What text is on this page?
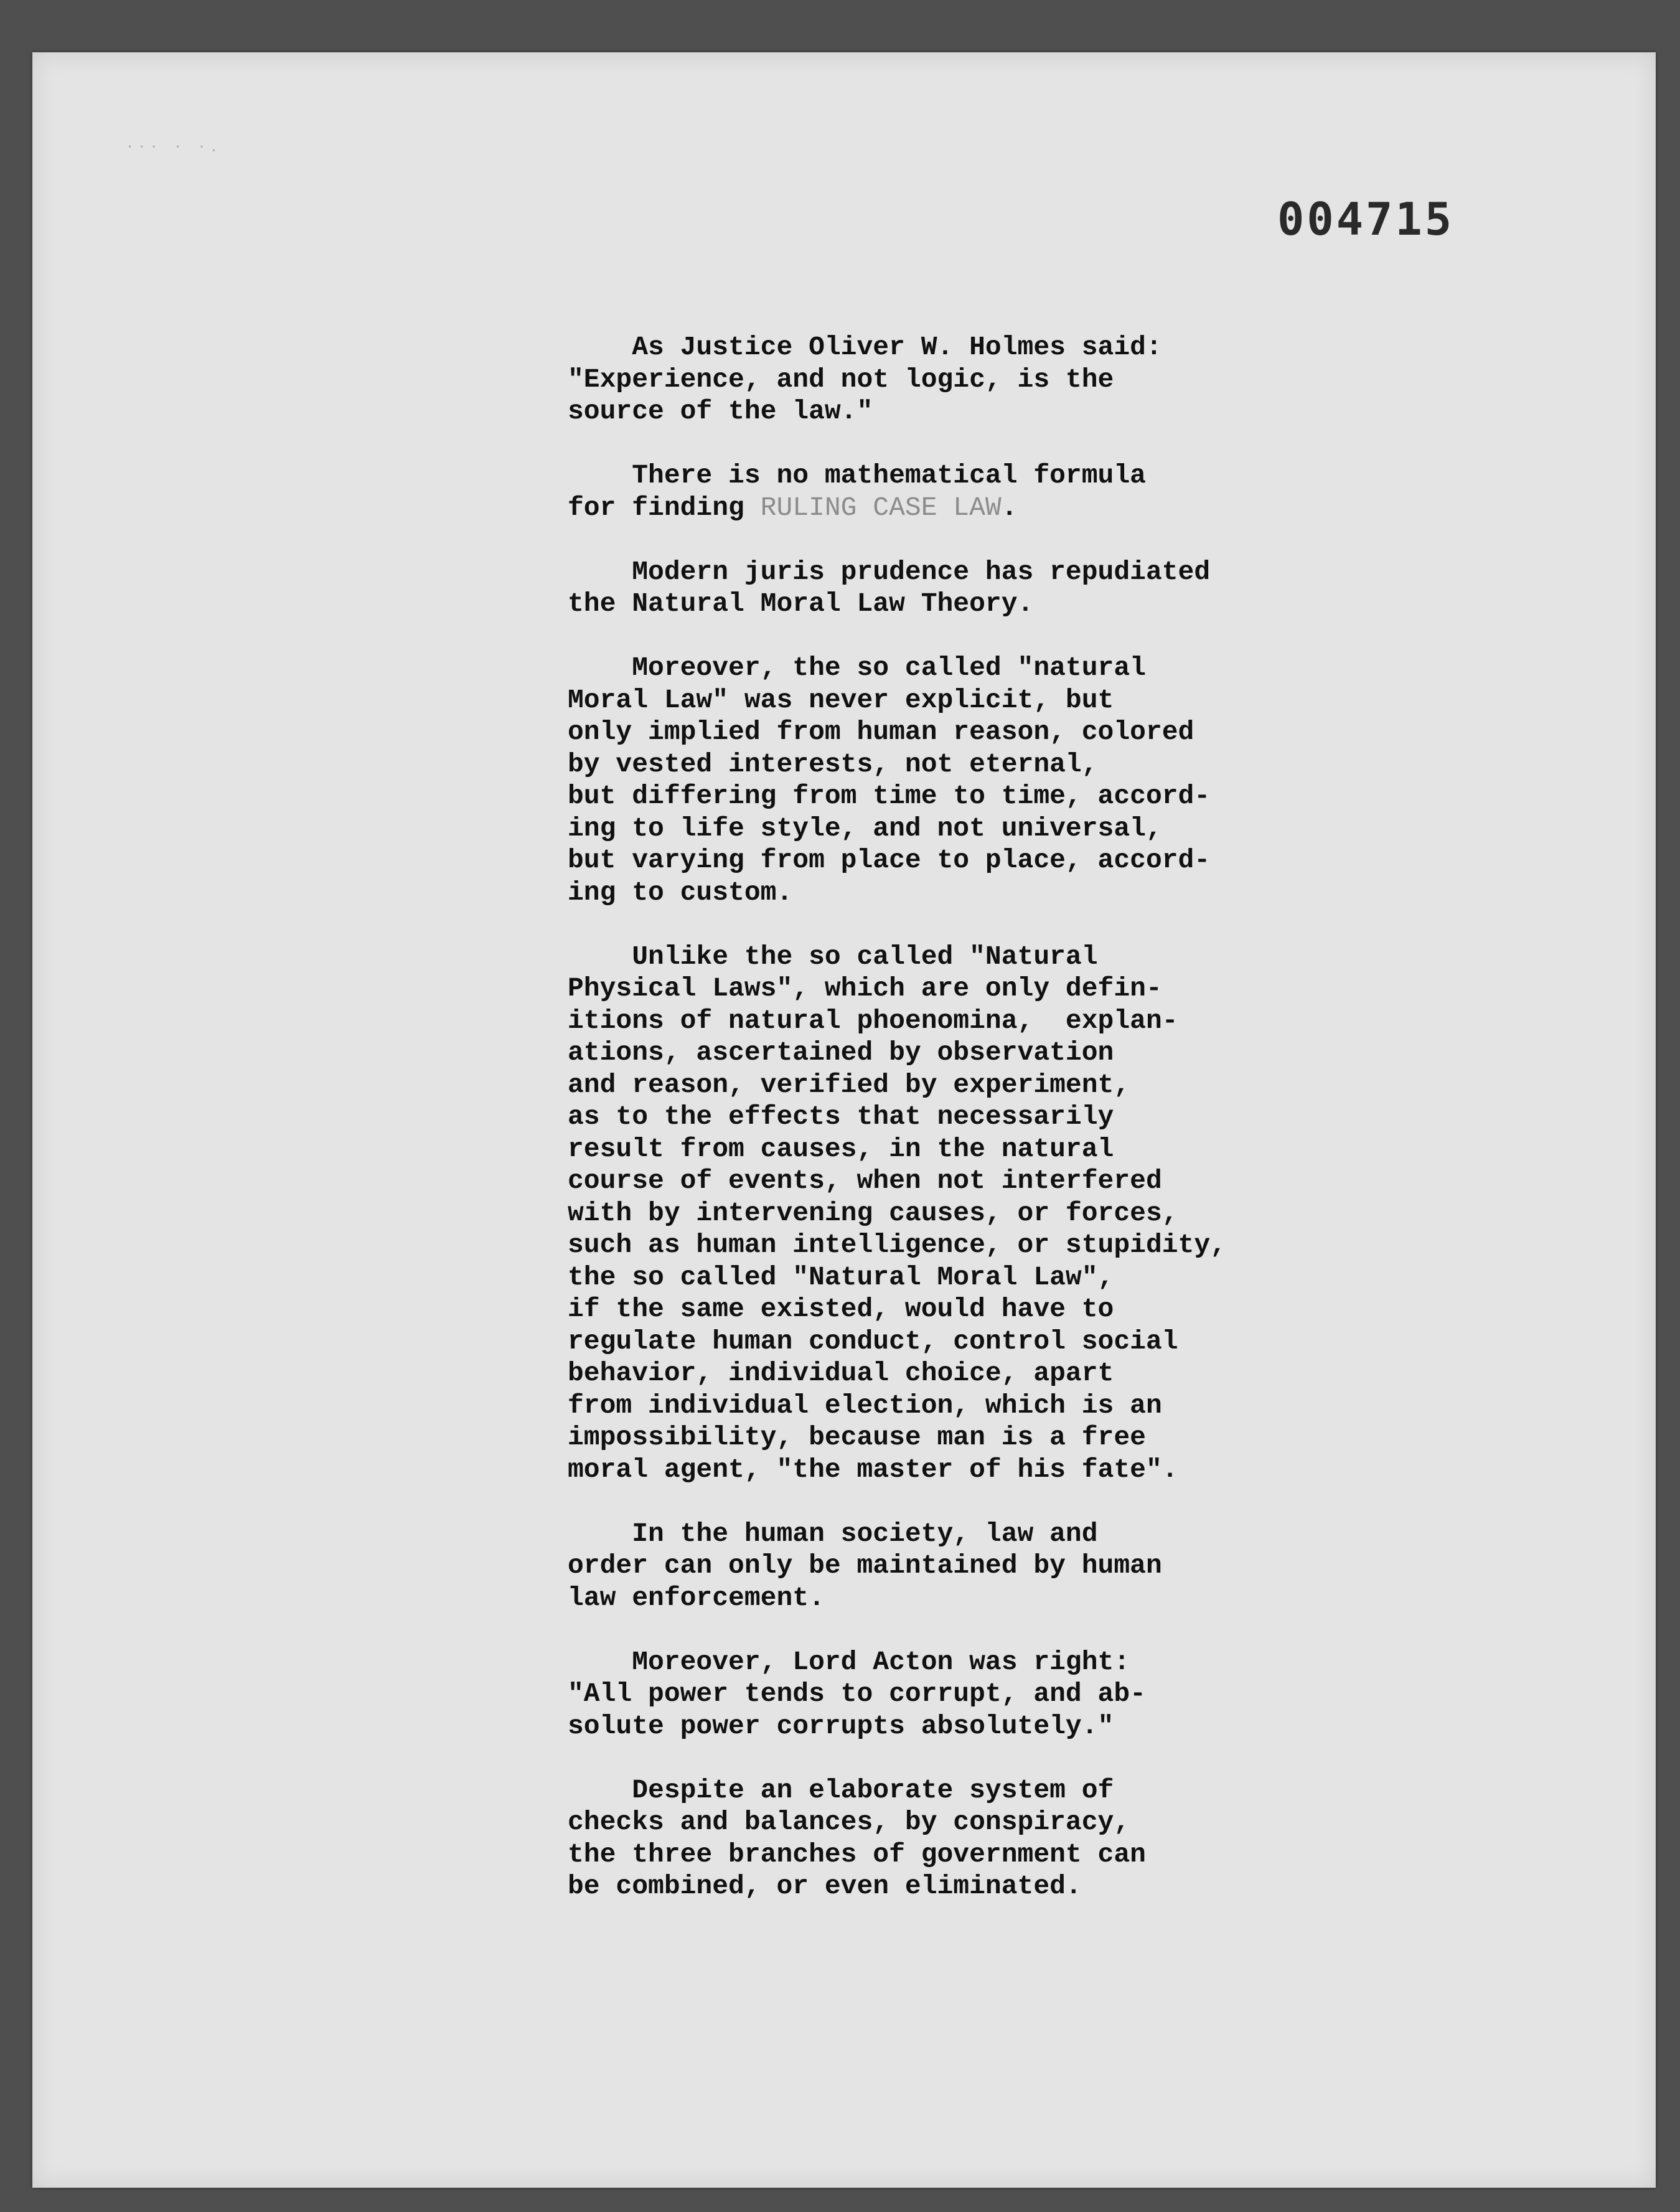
⋅⋅⋅ ⋅ ⋅.
004715
As Justice Oliver W. Holmes said:
"Experience, and not logic, is the
source of the law."
There is no mathematical formula
for finding RULING CASE LAW.
Modern juris prudence has repudiated
the Natural Moral Law Theory.
Moreover, the so called "natural
Moral Law" was never explicit, but
only implied from human reason, colored
by vested interests, not eternal,
but differing from time to time, accord-
ing to life style, and not universal,
but varying from place to place, accord-
ing to custom.
Unlike the so called "Natural
Physical Laws", which are only defin-
itions of natural phoenomina,  explan-
ations, ascertained by observation
and reason, verified by experiment,
as to the effects that necessarily
result from causes, in the natural
course of events, when not interfered
with by intervening causes, or forces,
such as human intelligence, or stupidity,
the so called "Natural Moral Law",
if the same existed, would have to
regulate human conduct, control social
behavior, individual choice, apart
from individual election, which is an
impossibility, because man is a free
moral agent, "the master of his fate".
In the human society, law and
order can only be maintained by human
law enforcement.
Moreover, Lord Acton was right:
"All power tends to corrupt, and ab-
solute power corrupts absolutely."
Despite an elaborate system of
checks and balances, by conspiracy,
the three branches of government can
be combined, or even eliminated.
